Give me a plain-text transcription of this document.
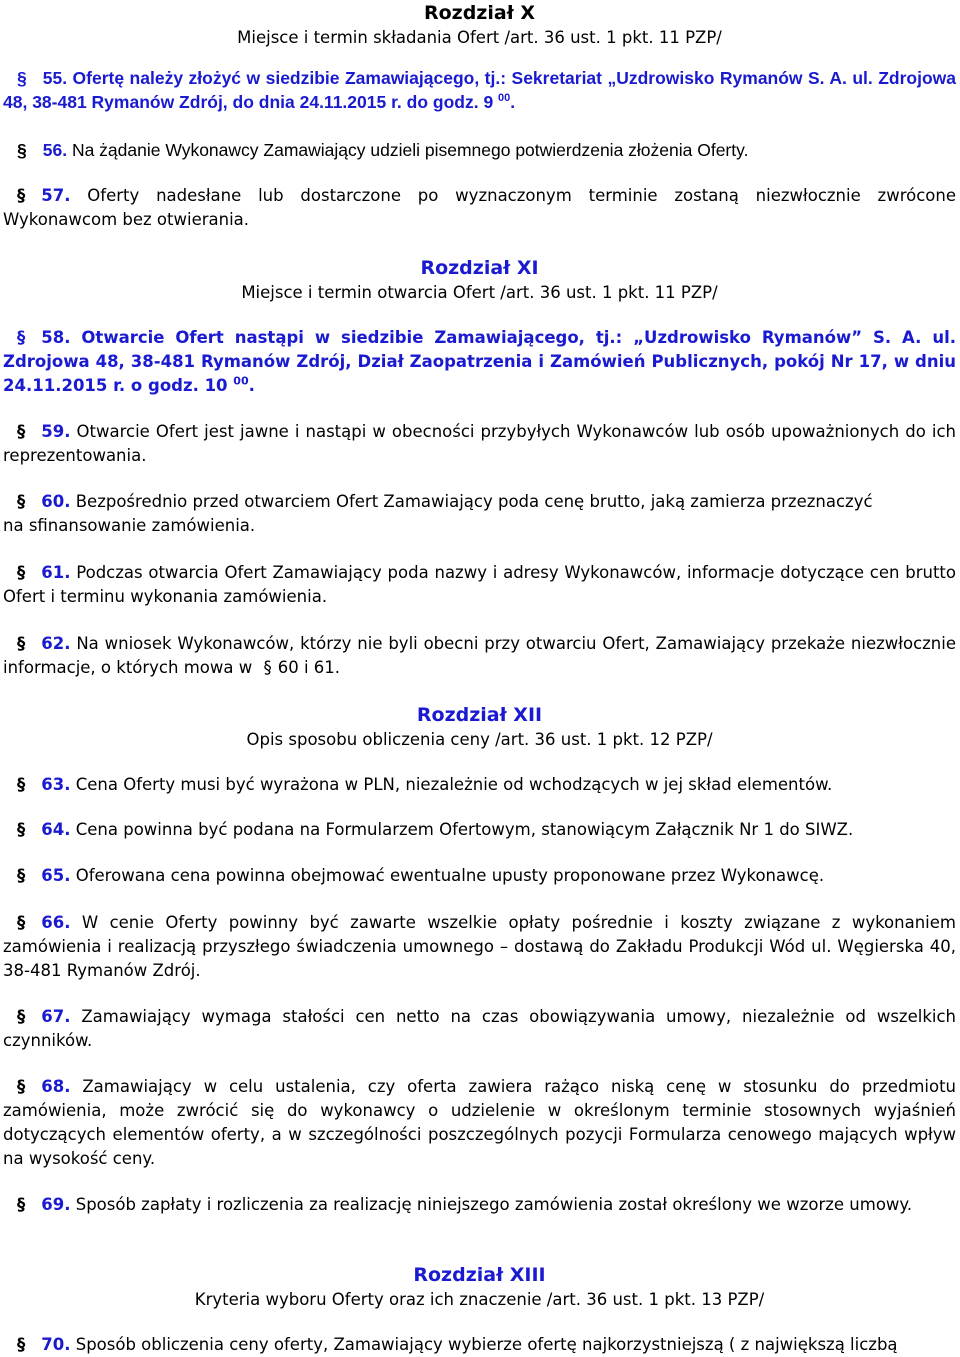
Rozdział X
Miejsce i termin składania Ofert /art. 36 ust. 1 pkt. 11 PZP/
§ 55. Ofertę należy złożyć w siedzibie Zamawiającego, tj.: Sekretariat „Uzdrowisko Rymanów S. A. ul. Zdrojowa 48, 38-481 Rymanów Zdrój, do dnia 24.11.2015 r. do godz. 9 $^{00}$.
§ 56. Na żądanie Wykonawcy Zamawiający udzieli pisemnego potwierdzenia złożenia Oferty.
§ 57. Oferty nadesłane lub dostarczone po wyznaczonym terminie zostaną niezwłocznie zwrócone Wykonawcom bez otwierania.
Rozdział XI
Miejsce i termin otwarcia Ofert /art. 36 ust. 1 pkt. 11 PZP/
§ 58. Otwarcie Ofert nastąpi w siedzibie Zamawiającego, tj.: „Uzdrowisko Rymanów” S. A. ul. Zdrojowa 48, 38-481 Rymanów Zdrój, Dział Zaopatrzenia i Zamówień Publicznych, pokój Nr 17, w dniu 24.11.2015 r. o godz. 10 $^{00}$.
§ 59. Otwarcie Ofert jest jawne i nastąpi w obecności przybyłych Wykonawców lub osób upoważnionych do ich reprezentowania.
§ 60. Bezpośrednio przed otwarciem Ofert Zamawiający poda cenę brutto, jaką zamierza przeznaczyć
na sfinansowanie zamówienia.
§ 61. Podczas otwarcia Ofert Zamawiający poda nazwy i adresy Wykonawców, informacje dotyczące cen brutto Ofert i terminu wykonania zamówienia.
§ 62. Na wniosek Wykonawców, którzy nie byli obecni przy otwarciu Ofert, Zamawiający przekaże niezwłocznie informacje, o których mowa w § 60 i 61.
Rozdział XII
Opis sposobu obliczenia ceny /art. 36 ust. 1 pkt. 12 PZP/
§ 63. Cena Oferty musi być wyrażona w PLN, niezależnie od wchodzących w jej skład elementów.
§ 64. Cena powinna być podana na Formularzem Ofertowym, stanowiącym Załącznik Nr 1 do SIWZ.
§ 65. Oferowana cena powinna obejmować ewentualne upusty proponowane przez Wykonawcę.
§ 66. W cenie Oferty powinny być zawarte wszelkie opłaty pośrednie i koszty związane z wykonaniem zamówienia i realizacją przyszłego świadczenia umownego – dostawą do Zakładu Produkcji Wód ul. Węgierska 40, 38-481 Rymanów Zdrój.
§ 67. Zamawiający wymaga stałości cen netto na czas obowiązywania umowy, niezależnie od wszelkich czynników.
§ 68. Zamawiający w celu ustalenia, czy oferta zawiera rażąco niską cenę w stosunku do przedmiotu zamówienia, może zwrócić się do wykonawcy o udzielenie w określonym terminie stosownych wyjaśnień dotyczących elementów oferty, a w szczególności poszczególnych pozycji Formularza cenowego mających wpływ na wysokość ceny.
§ 69. Sposób zapłaty i rozliczenia za realizację niniejszego zamówienia został określony we wzorze umowy.
Rozdział XIII
Kryteria wyboru Oferty oraz ich znaczenie /art. 36 ust. 1 pkt. 13 PZP/
§ 70. Sposób obliczenia ceny oferty, Zamawiający wybierze ofertę najkorzystniejszą ( z największą liczbą
